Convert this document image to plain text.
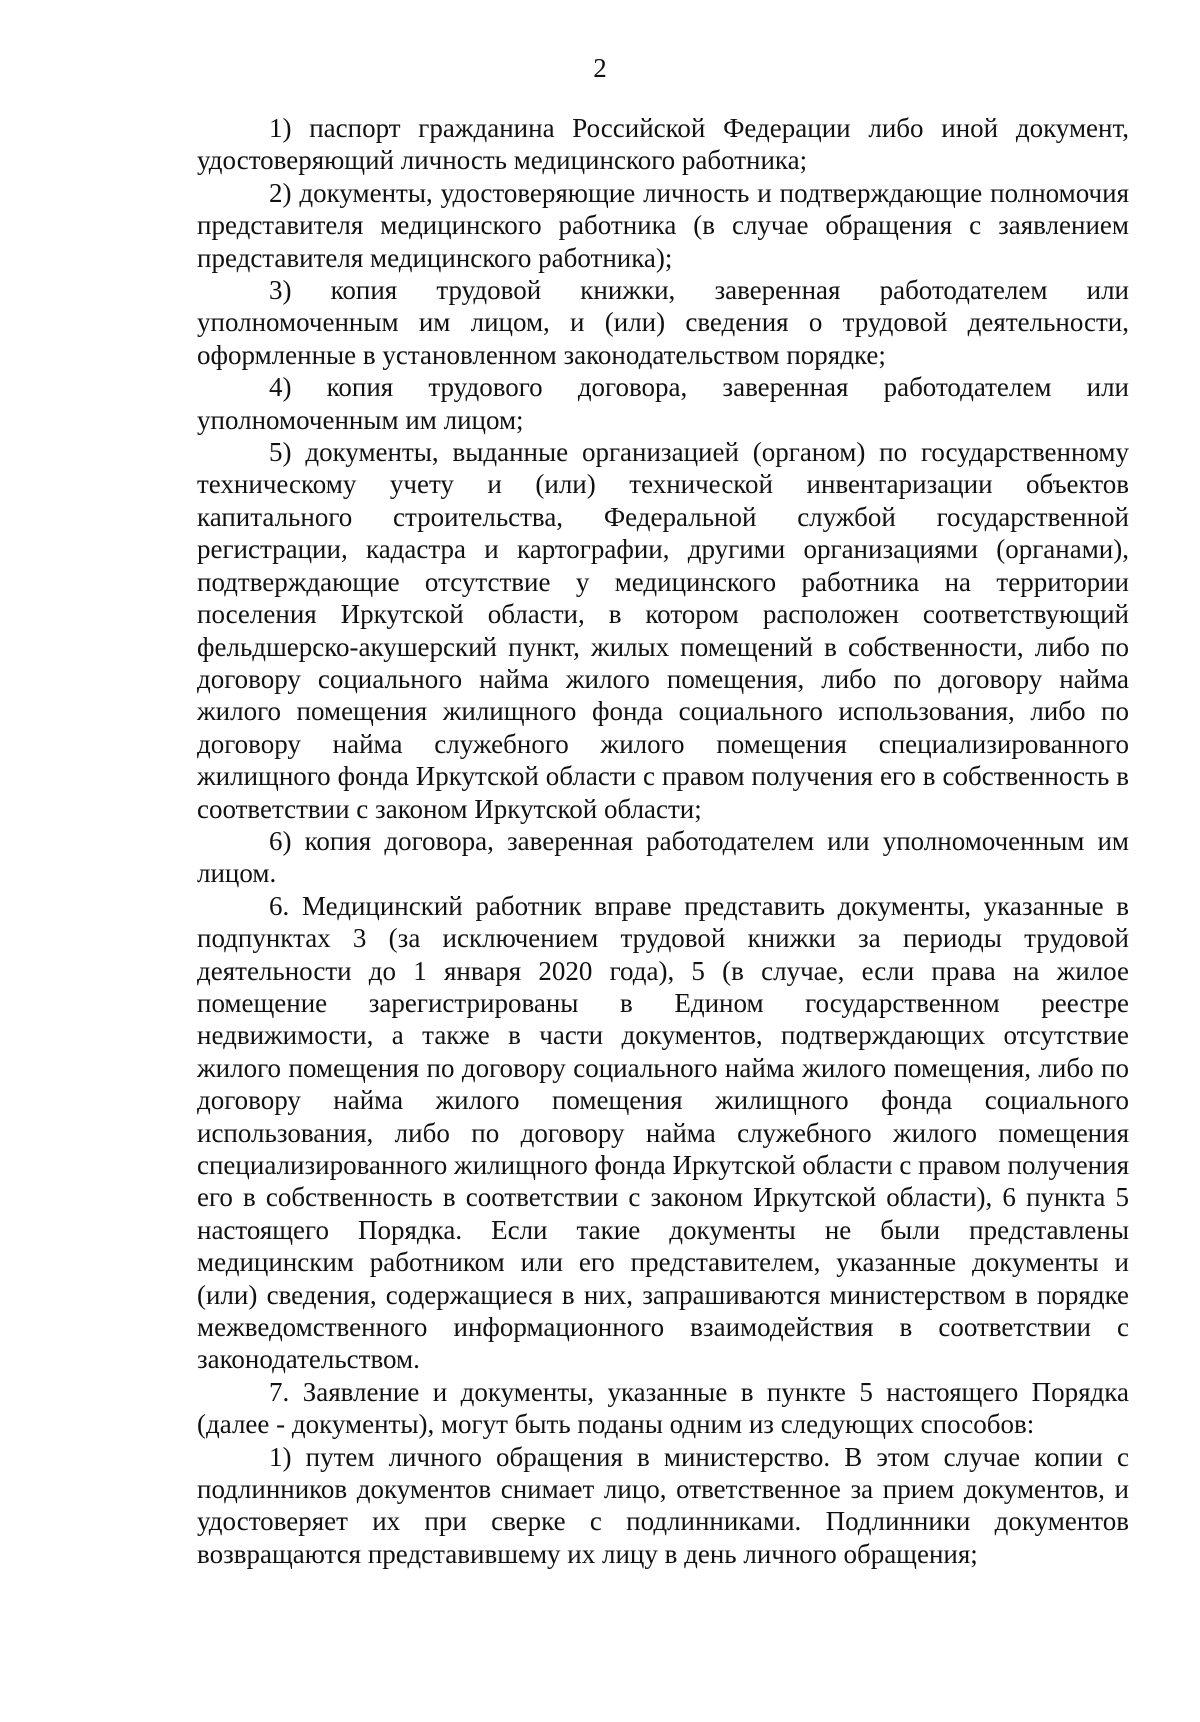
2

1) паспорт гражданина Российской Федерации либо иной документ, удостоверяющий личность медицинского работника;

2) документы, удостоверяющие личность и подтверждающие полномочия представителя медицинского работника (в случае обращения с заявлением представителя медицинского работника);

3) копия трудовой книжки, заверенная работодателем или уполномоченным им лицом, и (или) сведения о трудовой деятельности, оформленные в установленном законодательством порядке;

4) копия трудового договора, заверенная работодателем или уполномоченным им лицом;

5) документы, выданные организацией (органом) по государственному техническому учету и (или) технической инвентаризации объектов капитального строительства, Федеральной службой государственной регистрации, кадастра и картографии, другими организациями (органами), подтверждающие отсутствие у медицинского работника на территории поселения Иркутской области, в котором расположен соответствующий фельдшерско-акушерский пункт, жилых помещений в собственности, либо по договору социального найма жилого помещения, либо по договору найма жилого помещения жилищного фонда социального использования, либо по договору найма служебного жилого помещения специализированного жилищного фонда Иркутской области с правом получения его в собственность в соответствии с законом Иркутской области;

6) копия договора, заверенная работодателем или уполномоченным им лицом.

6. Медицинский работник вправе представить документы, указанные в подпунктах 3 (за исключением трудовой книжки за периоды трудовой деятельности до 1 января 2020 года), 5 (в случае, если права на жилое помещение зарегистрированы в Едином государственном реестре недвижимости, а также в части документов, подтверждающих отсутствие жилого помещения по договору социального найма жилого помещения, либо по договору найма жилого помещения жилищного фонда социального использования, либо по договору найма служебного жилого помещения специализированного жилищного фонда Иркутской области с правом получения его в собственность в соответствии с законом Иркутской области), 6 пункта 5 настоящего Порядка. Если такие документы не были представлены медицинским работником или его представителем, указанные документы и (или) сведения, содержащиеся в них, запрашиваются министерством в порядке межведомственного информационного взаимодействия в соответствии с законодательством.

7. Заявление и документы, указанные в пункте 5 настоящего Порядка (далее - документы), могут быть поданы одним из следующих способов:

1) путем личного обращения в министерство. В этом случае копии с подлинников документов снимает лицо, ответственное за прием документов, и удостоверяет их при сверке с подлинниками. Подлинники документов возвращаются представившему их лицу в день личного обращения;
